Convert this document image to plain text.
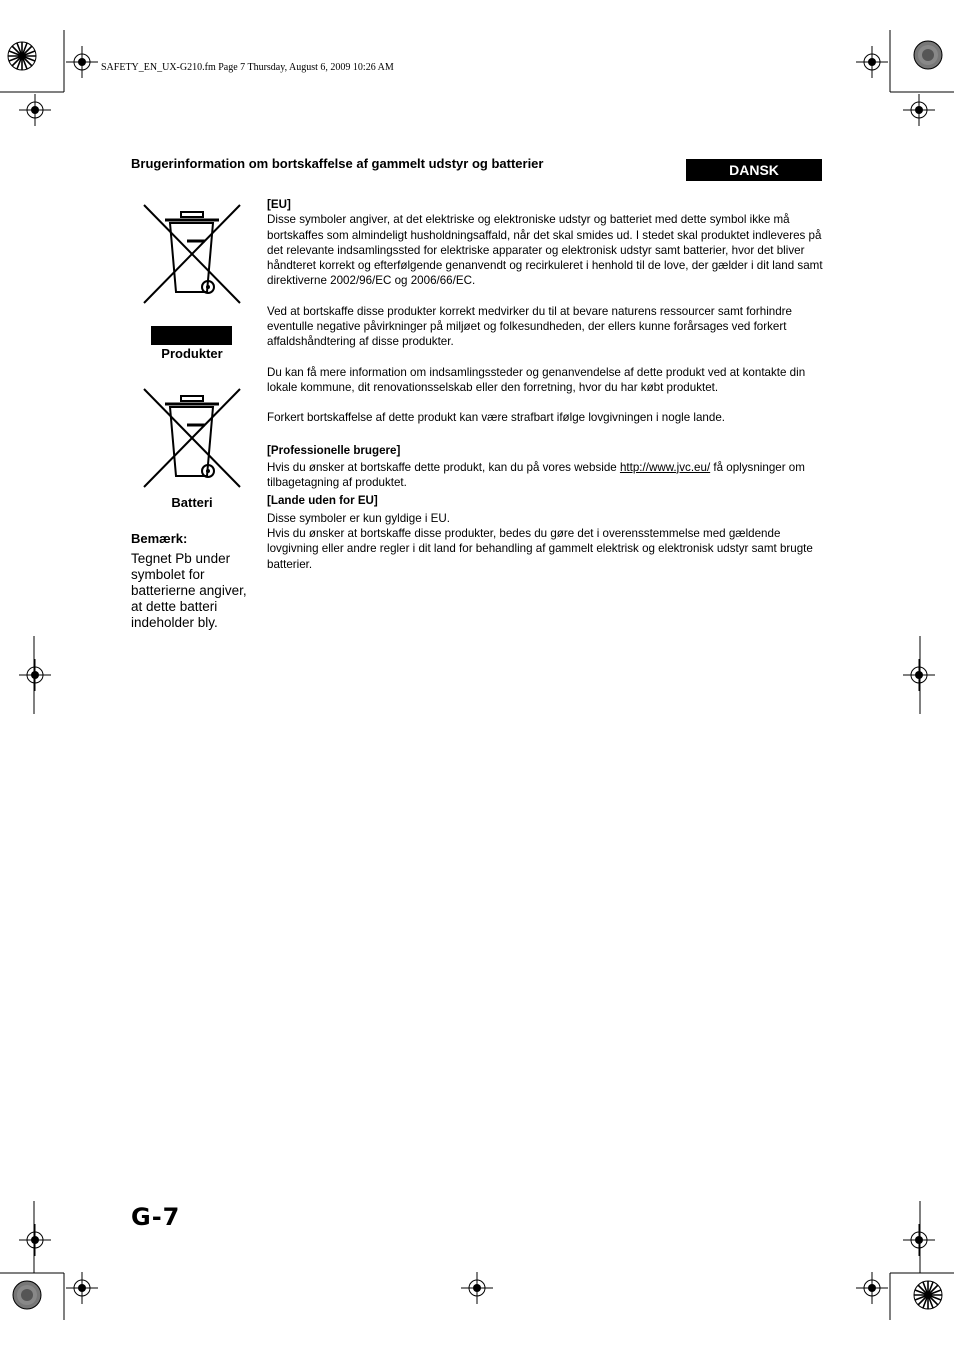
SAFETY_EN_UX-G210.fm Page 7 Thursday, August 6, 2009 10:26 AM
Brugerinformation om bortskaffelse af gammelt udstyr og batterier	DANSK
Produkter
Batteri
Bemærk:
Tegnet Pb under symbolet for batterierne angiver, at dette batteri indeholder bly.

[EU]

Disse symboler angiver, at det elektriske og elektroniske udstyr og batteriet med dette symbol ikke må bortskaffes som almindeligt husholdningsaffald, når det skal smides ud. I stedet skal produktet indleveres på det relevante indsamlingssted for elektriske apparater og elektronisk udstyr samt batterier, hvor det bliver håndteret korrekt og efterfølgende genanvendt og recirkuleret i henhold til de love, der gælder i dit land samt direktiverne 2002/96/EC og 2006/66/EC.

Ved at bortskaffe disse produkter korrekt medvirker du til at bevare naturens ressourcer samt forhindre eventulle negative påvirkninger på miljøet og folkesundheden, der ellers kunne forårsages ved forkert affaldshåndtering af disse produkter.

Du kan få mere information om indsamlingssteder og genanvendelse af dette produkt ved at kontakte din lokale kommune, dit renovationsselskab eller den forretning, hvor du har købt produktet.

Forkert bortskaffelse af dette produkt kan være strafbart ifølge lovgivningen i nogle lande.

[Professionelle brugere]

Hvis du ønsker at bortskaffe dette produkt, kan du på vores webside http://www.jvc.eu/ få oplysninger om tilbagetagning af produktet.

[Lande uden for EU]

Disse symboler er kun gyldige i EU.

Hvis du ønsker at bortskaffe disse produkter, bedes du gøre det i overensstemmelse med gældende lovgivning eller andre regler i dit land for behandling af gammelt elektrisk og elektronisk udstyr samt brugte batterier.

G-7
